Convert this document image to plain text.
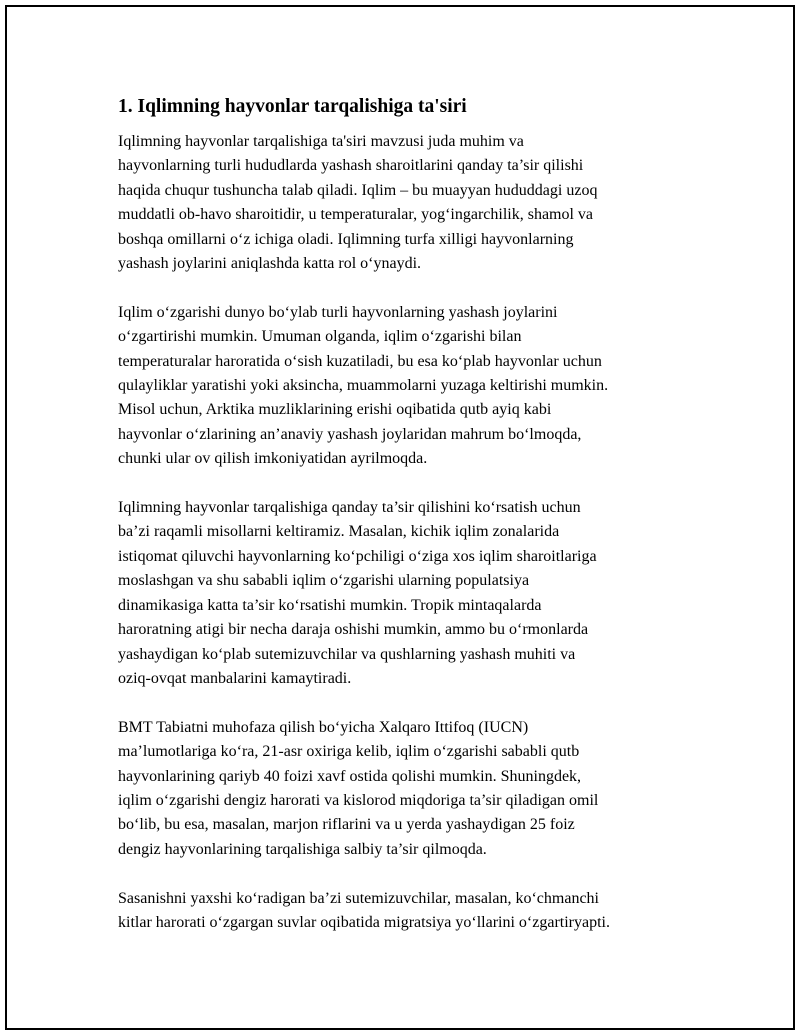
1. Iqlimning hayvonlar tarqalishiga ta'siri

Iqlimning hayvonlar tarqalishiga ta'siri mavzusi juda muhim va
hayvonlarning turli hududlarda yashash sharoitlarini qanday ta’sir qilishi
haqida chuqur tushuncha talab qiladi. Iqlim – bu muayyan hududdagi uzoq
muddatli ob-havo sharoitidir, u temperaturalar, yog‘ingarchilik, shamol va
boshqa omillarni o‘z ichiga oladi. Iqlimning turfa xilligi hayvonlarning
yashash joylarini aniqlashda katta rol o‘ynaydi.

Iqlim o‘zgarishi dunyo bo‘ylab turli hayvonlarning yashash joylarini
o‘zgartirishi mumkin. Umuman olganda, iqlim o‘zgarishi bilan
temperaturalar haroratida o‘sish kuzatiladi, bu esa ko‘plab hayvonlar uchun
qulayliklar yaratishi yoki aksincha, muammolarni yuzaga keltirishi mumkin.
Misol uchun, Arktika muzliklarining erishi oqibatida qutb ayiq kabi
hayvonlar o‘zlarining an’anaviy yashash joylaridan mahrum bo‘lmoqda,
chunki ular ov qilish imkoniyatidan ayrilmoqda.

Iqlimning hayvonlar tarqalishiga qanday ta’sir qilishini ko‘rsatish uchun
ba’zi raqamli misollarni keltiramiz. Masalan, kichik iqlim zonalarida
istiqomat qiluvchi hayvonlarning ko‘pchiligi o‘ziga xos iqlim sharoitlariga
moslashgan va shu sababli iqlim o‘zgarishi ularning populatsiya
dinamikasiga katta ta’sir ko‘rsatishi mumkin. Tropik mintaqalarda
haroratning atigi bir necha daraja oshishi mumkin, ammo bu o‘rmonlarda
yashaydigan ko‘plab sutemizuvchilar va qushlarning yashash muhiti va
oziq-ovqat manbalarini kamaytiradi.

BMT Tabiatni muhofaza qilish bo‘yicha Xalqaro Ittifoq (IUCN)
ma’lumotlariga ko‘ra, 21-asr oxiriga kelib, iqlim o‘zgarishi sababli qutb
hayvonlarining qariyb 40 foizi xavf ostida qolishi mumkin. Shuningdek,
iqlim o‘zgarishi dengiz harorati va kislorod miqdoriga ta’sir qiladigan omil
bo‘lib, bu esa, masalan, marjon riflarini va u yerda yashaydigan 25 foiz
dengiz hayvonlarining tarqalishiga salbiy ta’sir qilmoqda.

Sasanishni yaxshi ko‘radigan ba’zi sutemizuvchilar, masalan, ko‘chmanchi
kitlar harorati o‘zgargan suvlar oqibatida migratsiya yo‘llarini o‘zgartiryapti.
